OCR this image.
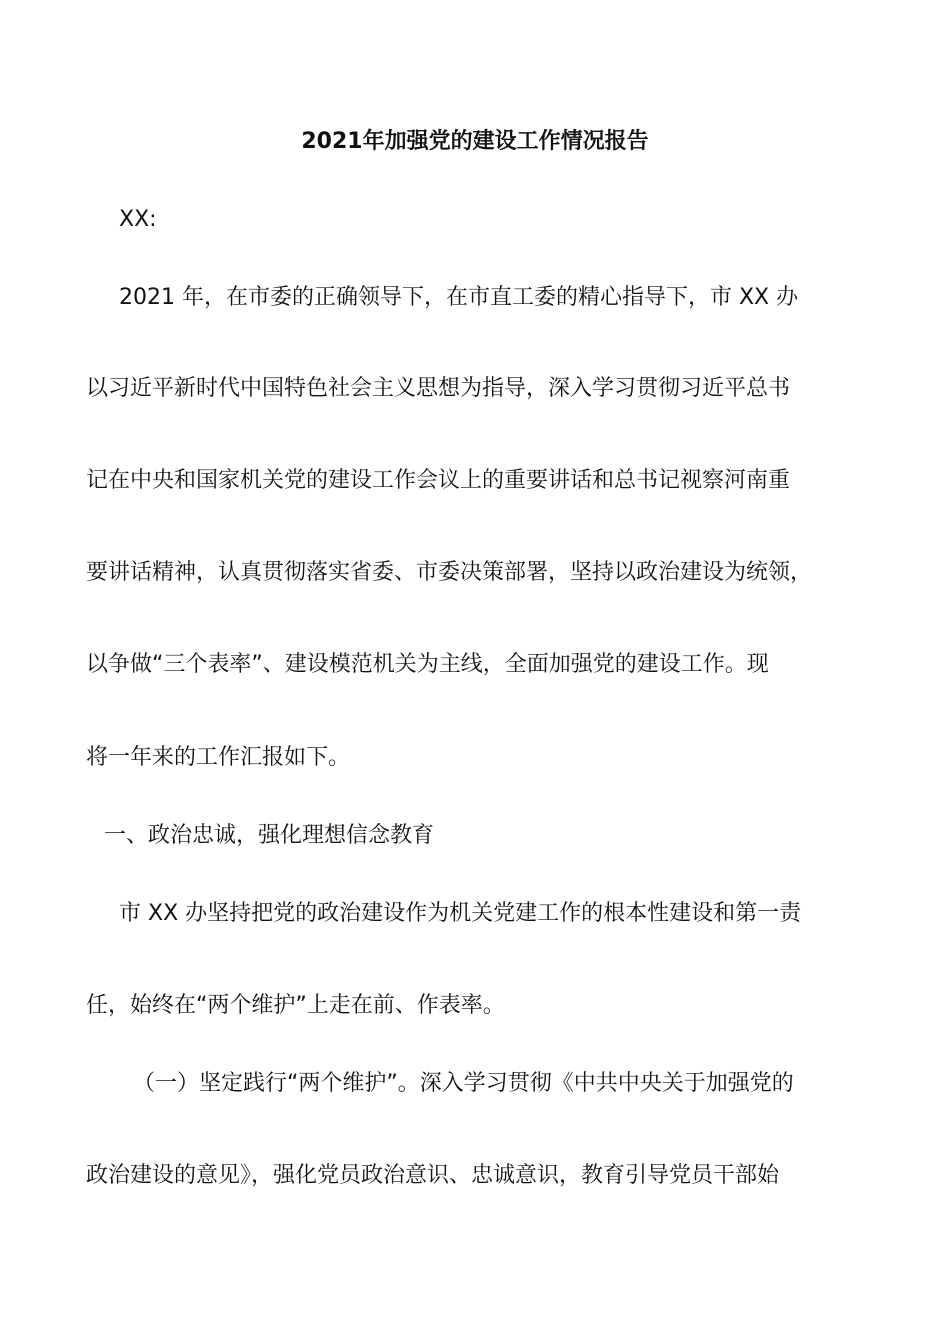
2021年加强党的建设工作情况报告
XX:
2021 年，在市委的正确领导下，在市直工委的精心指导下，市 XX 办
以习近平新时代中国特色社会主义思想为指导，深入学习贯彻习近平总书
记在中央和国家机关党的建设工作会议上的重要讲话和总书记视察河南重
要讲话精神，认真贯彻落实省委、市委决策部署，坚持以政治建设为统领，
以争做“三个表率”、建设模范机关为主线，全面加强党的建设工作。现
将一年来的工作汇报如下。
一、政治忠诚，强化理想信念教育
市 XX 办坚持把党的政治建设作为机关党建工作的根本性建设和第一责
任，始终在“两个维护”上走在前、作表率。
（一）坚定践行“两个维护”。深入学习贯彻《中共中央关于加强党的
政治建设的意见》，强化党员政治意识、忠诚意识，教育引导党员干部始
